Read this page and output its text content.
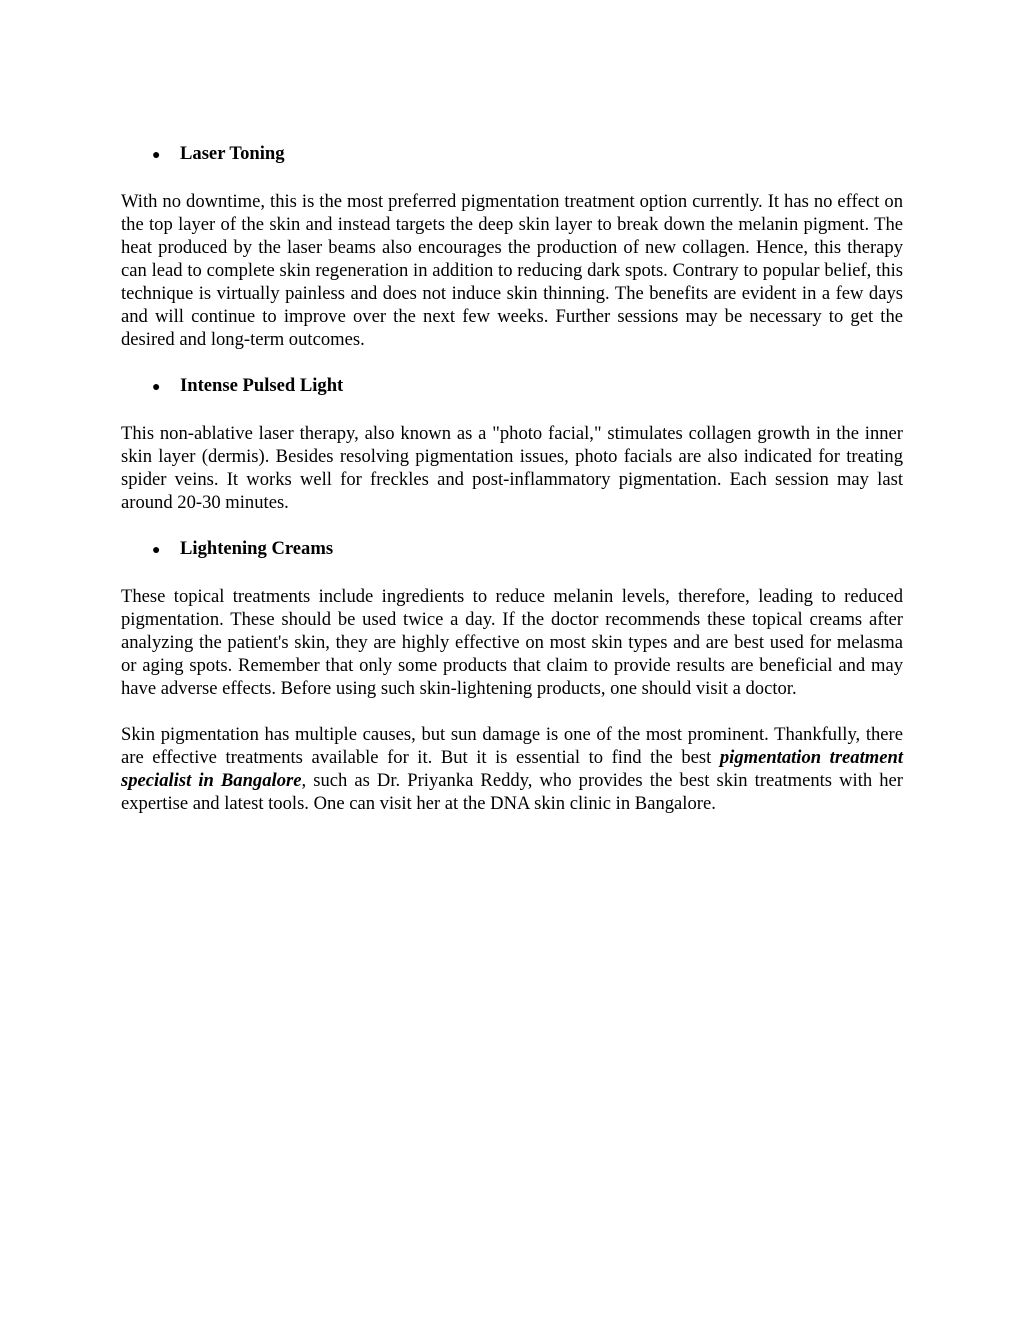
●	Laser Toning

With no downtime, this is the most preferred pigmentation treatment option currently. It has no effect on the top layer of the skin and instead targets the deep skin layer to break down the melanin pigment. The heat produced by the laser beams also encourages the production of new collagen. Hence, this therapy can lead to complete skin regeneration in addition to reducing dark spots. Contrary to popular belief, this technique is virtually painless and does not induce skin thinning. The benefits are evident in a few days and will continue to improve over the next few weeks. Further sessions may be necessary to get the desired and long-term outcomes.

●	Intense Pulsed Light

This non-ablative laser therapy, also known as a "photo facial," stimulates collagen growth in the inner skin layer (dermis). Besides resolving pigmentation issues, photo facials are also indicated for treating spider veins. It works well for freckles and post-inflammatory pigmentation. Each session may last around 20-30 minutes.

●	Lightening Creams

These topical treatments include ingredients to reduce melanin levels, therefore, leading to reduced pigmentation. These should be used twice a day. If the doctor recommends these topical creams after analyzing the patient's skin, they are highly effective on most skin types and are best used for melasma or aging spots. Remember that only some products that claim to provide results are beneficial and may have adverse effects. Before using such skin-lightening products, one should visit a doctor.

Skin pigmentation has multiple causes, but sun damage is one of the most prominent. Thankfully, there are effective treatments available for it. But it is essential to find the best pigmentation treatment specialist in Bangalore, such as Dr. Priyanka Reddy, who provides the best skin treatments with her expertise and latest tools. One can visit her at the DNA skin clinic in Bangalore.
